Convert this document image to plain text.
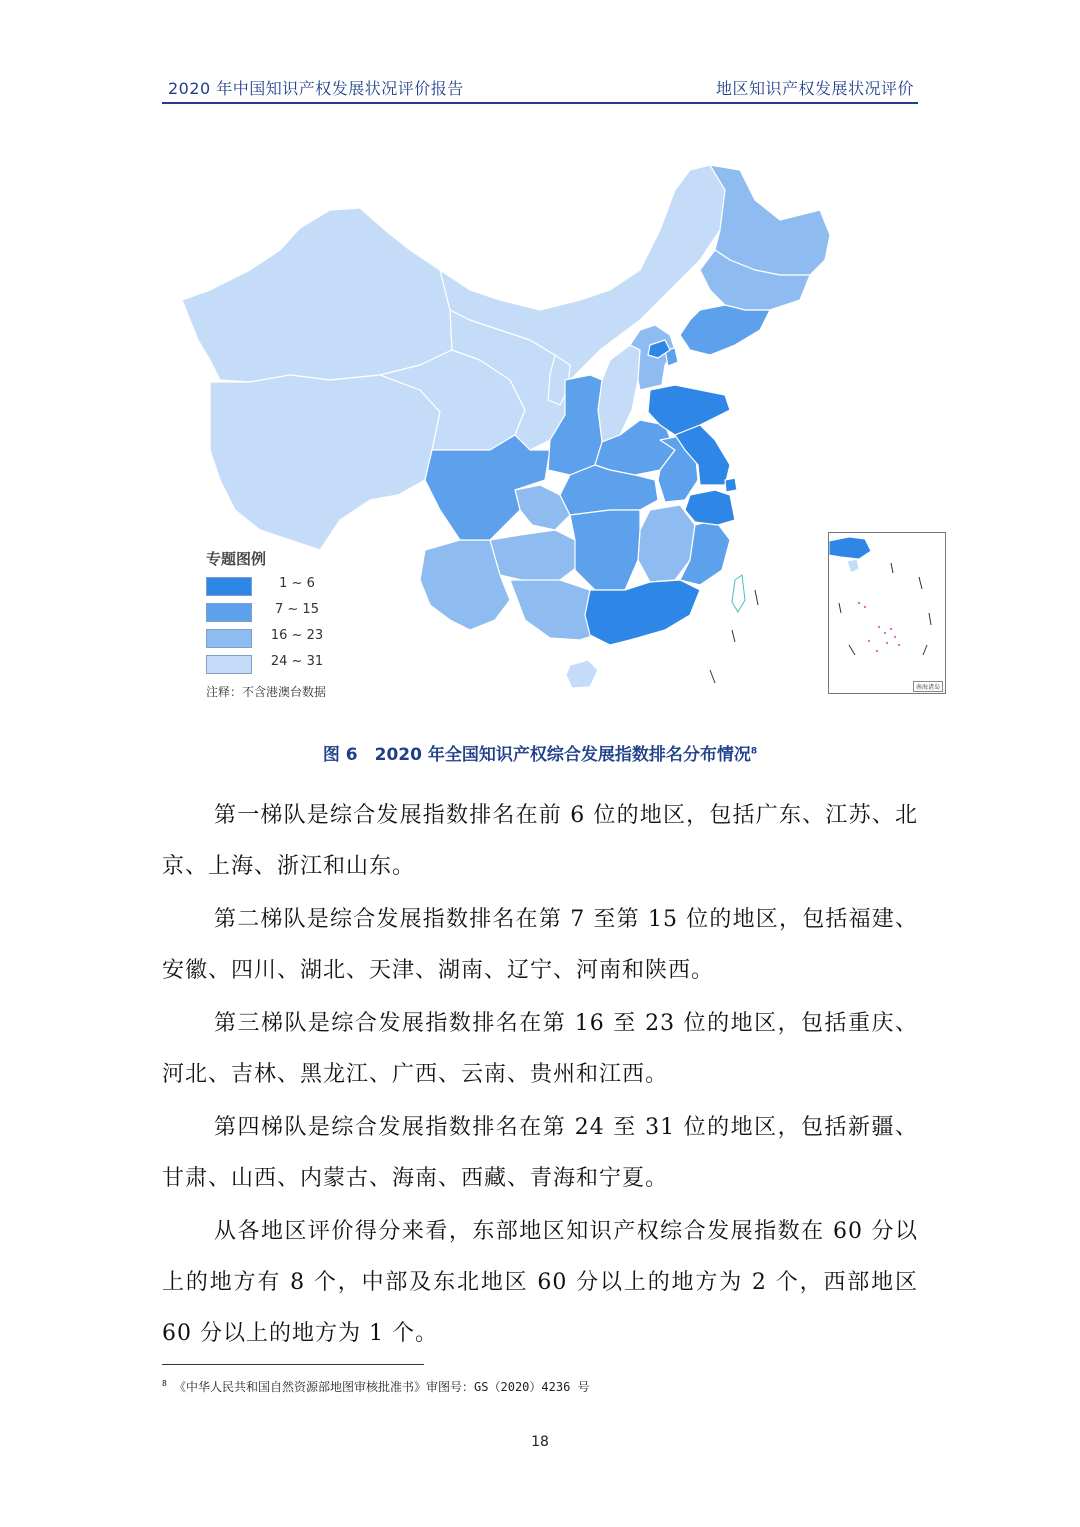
2020 年中国知识产权发展状况评价报告	地区知识产权发展状况评价
南海诸岛
专题图例
1 ~ 6
7 ~ 15
16 ~ 23
24 ~ 31
注释：不含港澳台数据
图 6　2020 年全国知识产权综合发展指数排名分布情况$^8$

第一梯队是综合发展指数排名在前 6 位的地区，包括广东、江苏、北京、上海、浙江和山东。

第二梯队是综合发展指数排名在第 7 至第 15 位的地区，包括福建、安徽、四川、湖北、天津、湖南、辽宁、河南和陕西。

第三梯队是综合发展指数排名在第 16 至 23 位的地区，包括重庆、河北、吉林、黑龙江、广西、云南、贵州和江西。

第四梯队是综合发展指数排名在第 24 至 31 位的地区，包括新疆、甘肃、山西、内蒙古、海南、西藏、青海和宁夏。

从各地区评价得分来看，东部地区知识产权综合发展指数在 60 分以上的地方有 8 个，中部及东北地区 60 分以上的地方为 2 个，西部地区 60 分以上的地方为 1 个。

$^8$ 《中华人民共和国自然资源部地图审核批准书》审图号：GS（2020）4236 号
18
